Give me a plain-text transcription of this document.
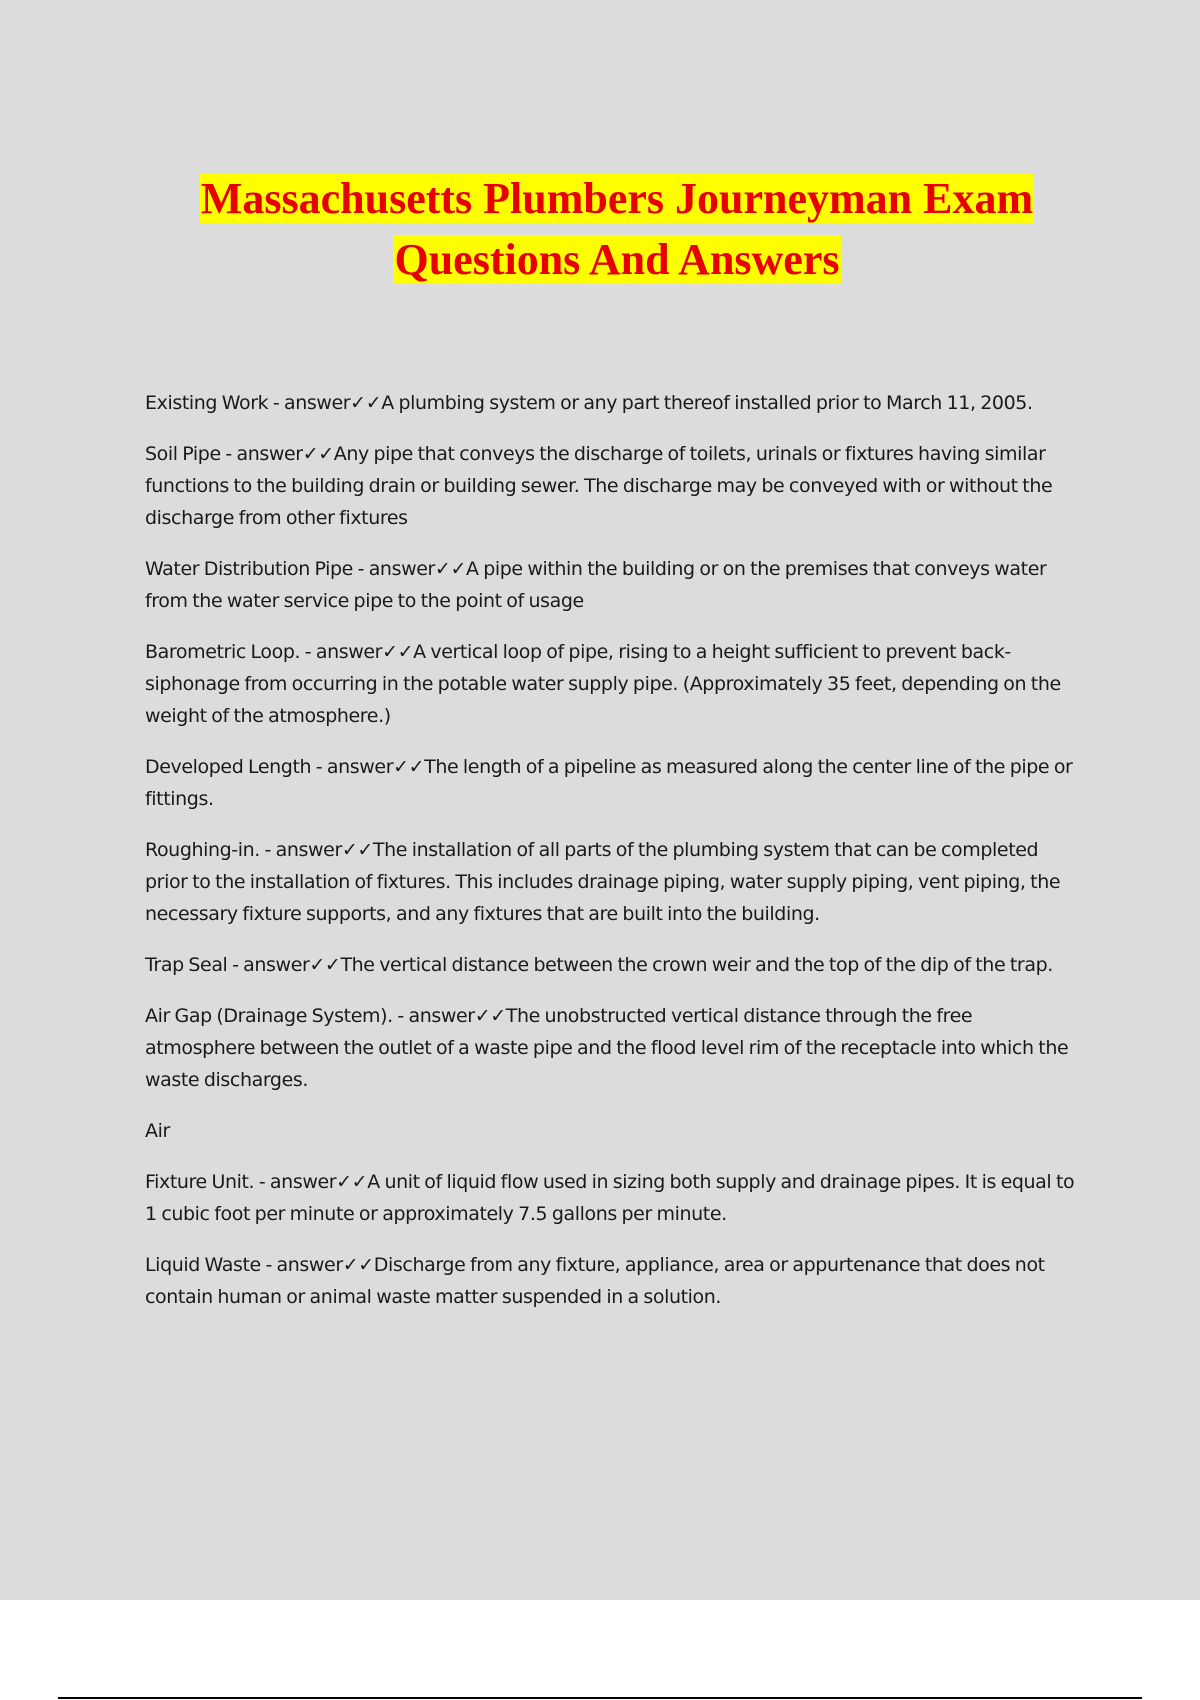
Massachusetts Plumbers Journeyman Exam
Questions And Answers

Existing Work - answer✓✓A plumbing system or any part thereof installed prior to March 11, 2005.

Soil Pipe - answer✓✓Any pipe that conveys the discharge of toilets, urinals or fixtures having similar functions to the building drain or building sewer. The discharge may be conveyed with or without the discharge from other fixtures

Water Distribution Pipe - answer✓✓A pipe within the building or on the premises that conveys water from the water service pipe to the point of usage

Barometric Loop. - answer✓✓A vertical loop of pipe, rising to a height sufficient to prevent back-siphonage from occurring in the potable water supply pipe. (Approximately 35 feet, depending on the weight of the atmosphere.)

Developed Length - answer✓✓The length of a pipeline as measured along the center line of the pipe or fittings.

Roughing-in. - answer✓✓The installation of all parts of the plumbing system that can be completed prior to the installation of fixtures. This includes drainage piping, water supply piping, vent piping, the necessary fixture supports, and any fixtures that are built into the building.

Trap Seal - answer✓✓The vertical distance between the crown weir and the top of the dip of the trap.

Air Gap (Drainage System). - answer✓✓The unobstructed vertical distance through the free atmosphere between the outlet of a waste pipe and the flood level rim of the receptacle into which the waste discharges.

Air

Fixture Unit. - answer✓✓A unit of liquid flow used in sizing both supply and drainage pipes. It is equal to 1 cubic foot per minute or approximately 7.5 gallons per minute.

Liquid Waste - answer✓✓Discharge from any fixture, appliance, area or appurtenance that does not contain human or animal waste matter suspended in a solution.
